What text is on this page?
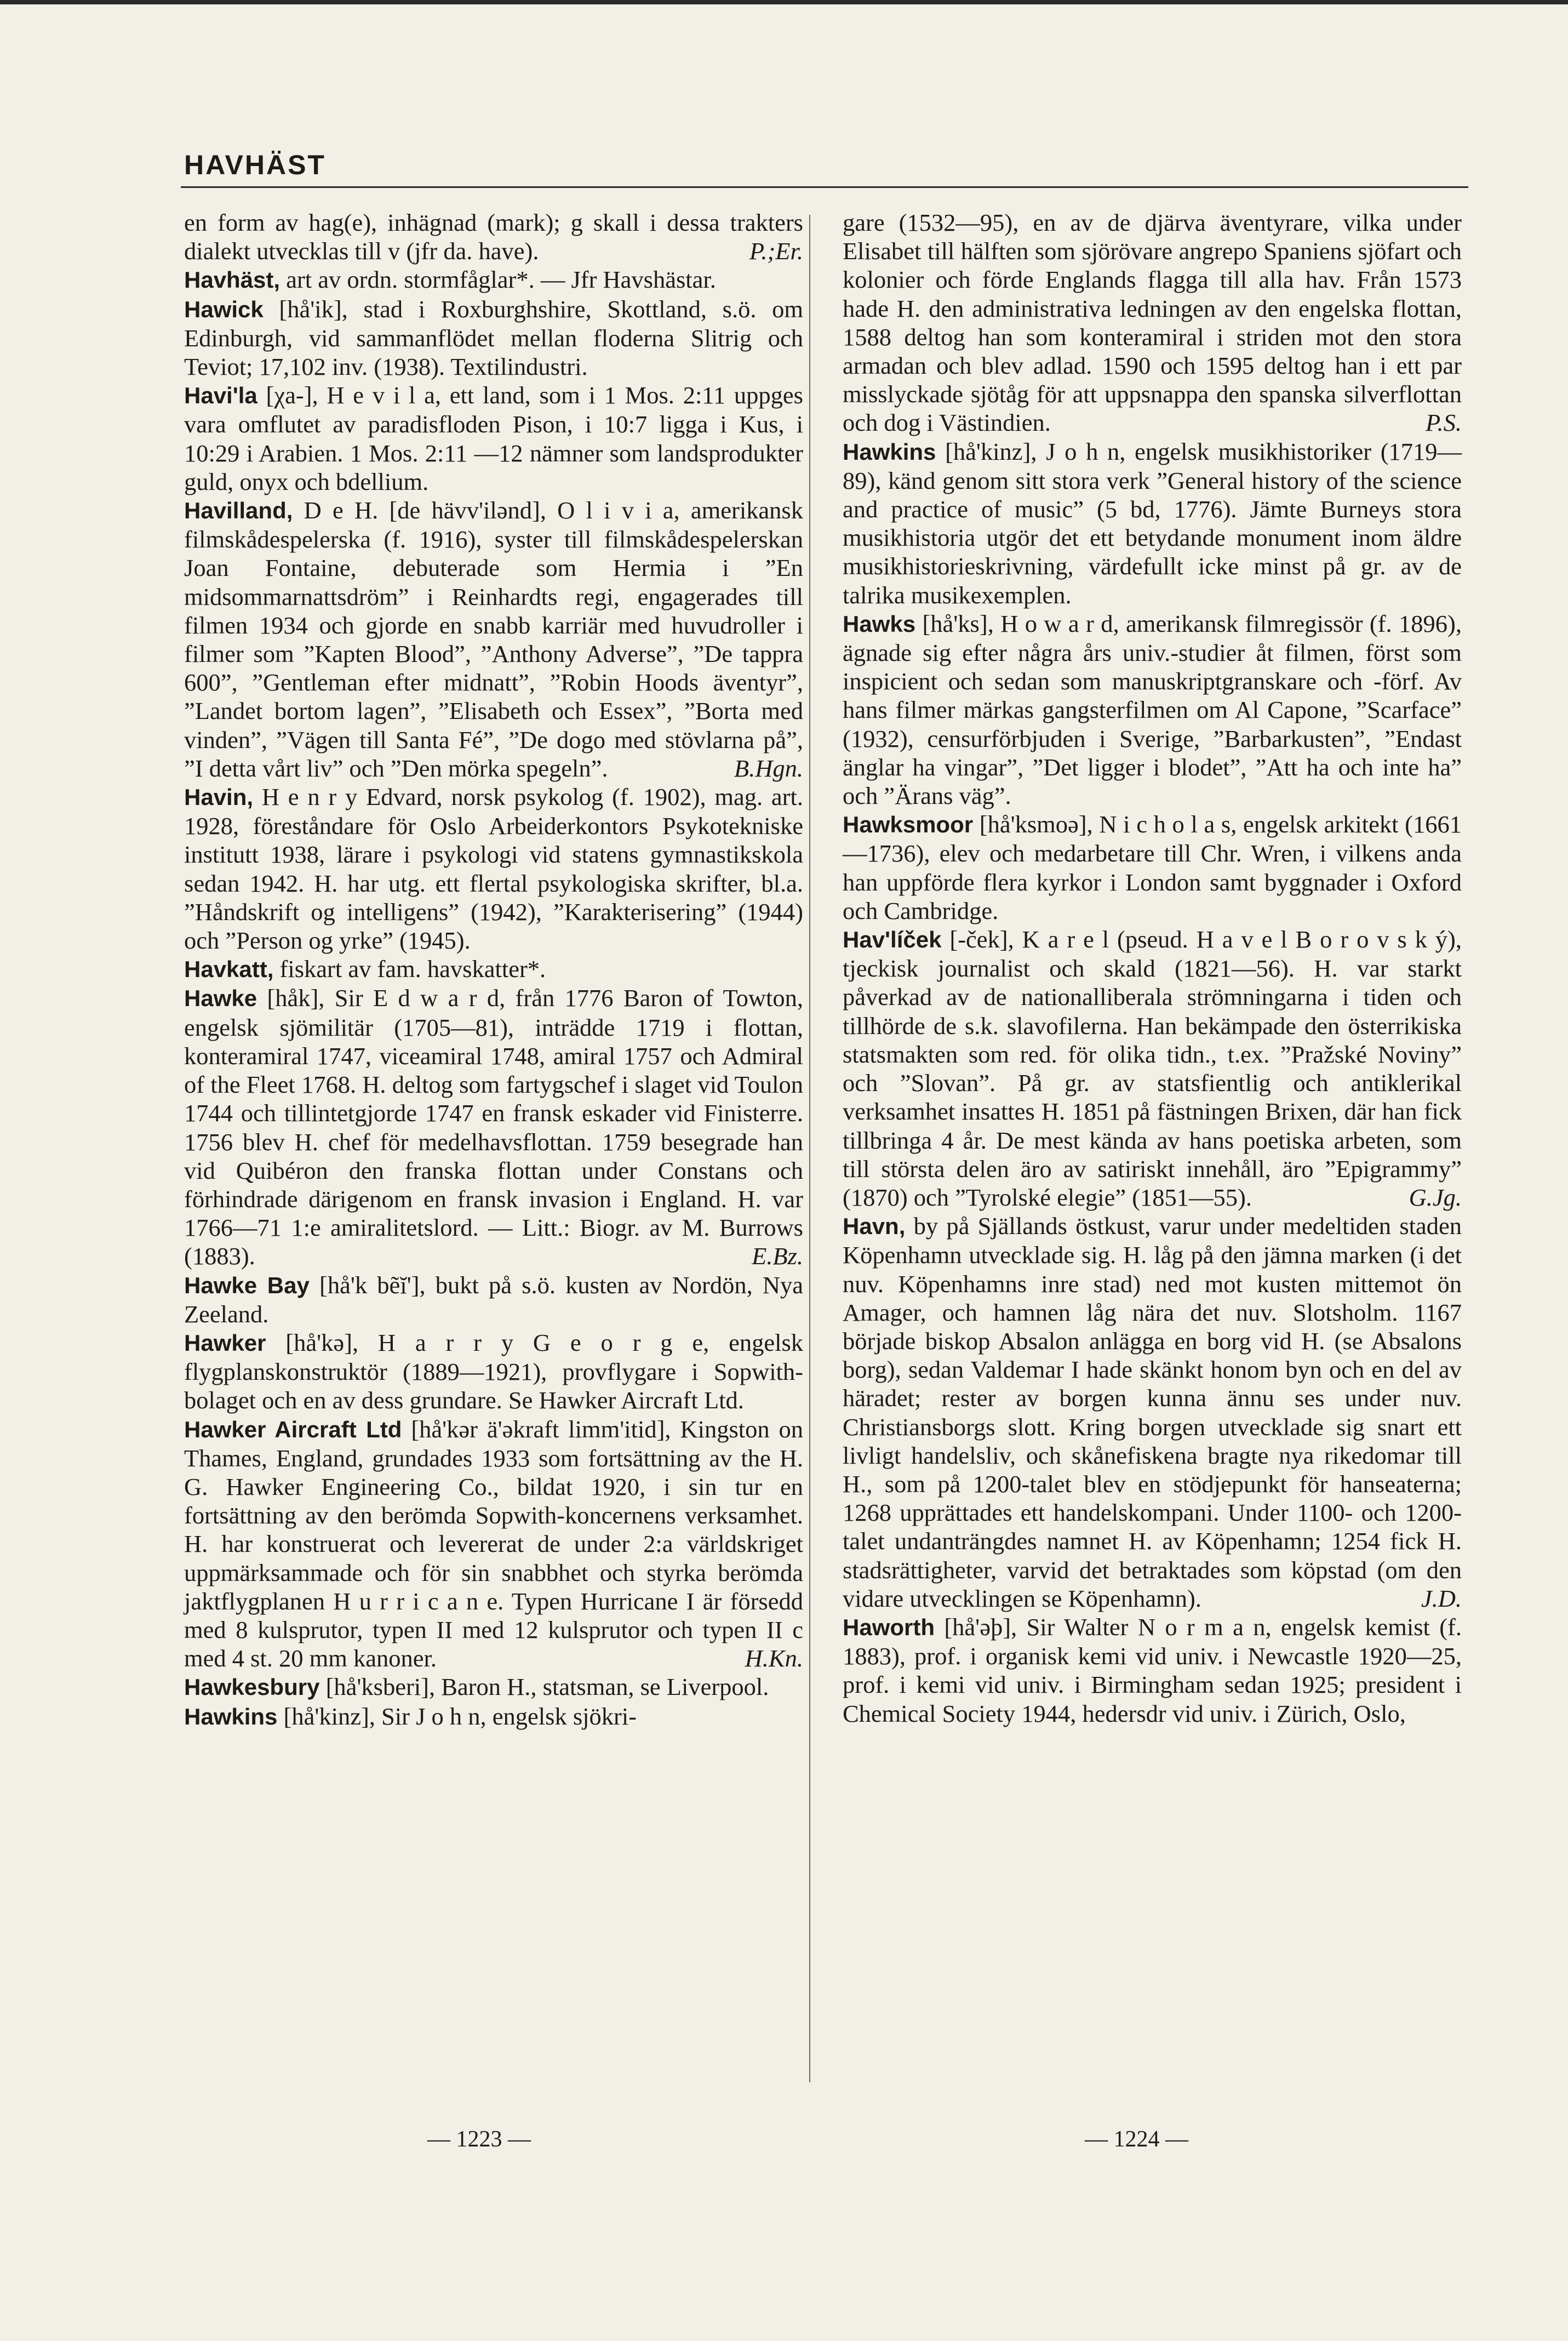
HAVHÄST

en form av hag(e), inhägnad (mark); g skall i dessa trakters dialekt utvecklas till v (jfr da. have).	P.;Er.

Havhäst, art av ordn. stormfåglar*. — Jfr Havshästar.

Hawick [hå'ik], stad i Roxburghshire, Skottland, s.ö. om Edinburgh, vid sammanflödet mellan floderna Slitrig och Teviot; 17,102 inv. (1938). Textilindustri.

Havi'la [χa-], H e v i l a, ett land, som i 1 Mos. 2:11 uppges vara omflutet av paradisfloden Pison, i 10:7 ligga i Kus, i 10:29 i Arabien. 1 Mos. 2:11 —12 nämner som landsprodukter guld, onyx och bdellium.

Havilland, D e H. [de hävv'ilənd], O l i v i a, amerikansk filmskådespelerska (f. 1916), syster till filmskådespelerskan Joan Fontaine, debuterade som Hermia i ”En midsommarnattsdröm” i Reinhardts regi, engagerades till filmen 1934 och gjorde en snabb karriär med huvudroller i filmer som ”Kapten Blood”, ”Anthony Adverse”, ”De tappra 600”, ”Gentleman efter midnatt”, ”Robin Hoods äventyr”, ”Landet bortom lagen”, ”Elisabeth och Essex”, ”Borta med vinden”, ”Vägen till Santa Fé”, ”De dogo med stövlarna på”, ”I detta vårt liv” och ”Den mörka spegeln”.	B.Hgn.

Havin, H e n r y Edvard, norsk psykolog (f. 1902), mag. art. 1928, föreståndare för Oslo Arbeiderkontors Psykotekniske institutt 1938, lärare i psykologi vid statens gymnastikskola sedan 1942. H. har utg. ett flertal psykologiska skrifter, bl.a. ”Håndskrift og intelligens” (1942), ”Karakterisering” (1944) och ”Person og yrke” (1945).

Havkatt, fiskart av fam. havskatter*.

Hawke [håk], Sir E d w a r d, från 1776 Baron of Towton, engelsk sjömilitär (1705—81), inträdde 1719 i flottan, konteramiral 1747, viceamiral 1748, amiral 1757 och Admiral of the Fleet 1768. H. deltog som fartygschef i slaget vid Toulon 1744 och tillintetgjorde 1747 en fransk eskader vid Finisterre. 1756 blev H. chef för medelhavsflottan. 1759 besegrade han vid Quibéron den franska flottan under Constans och förhindrade därigenom en fransk invasion i England. H. var 1766—71 1:e amiralitetslord. — Litt.: Biogr. av M. Burrows (1883).	E.Bz.

Hawke Bay [hå'k bẽĭ'], bukt på s.ö. kusten av Nordön, Nya Zeeland.

Hawker [hå'kə], H a r r y G e o r g e, engelsk flygplanskonstruktör (1889—1921), provflygare i Sopwith-bolaget och en av dess grundare. Se Hawker Aircraft Ltd.

Hawker Aircraft Ltd [hå'kər ä'əkraft limm'itid], Kingston on Thames, England, grundades 1933 som fortsättning av the H. G. Hawker Engineering Co., bildat 1920, i sin tur en fortsättning av den berömda Sopwith-koncernens verksamhet. H. har konstruerat och levererat de under 2:a världskriget uppmärksammade och för sin snabbhet och styrka berömda jaktflygplanen H u r r i c a n e. Typen Hurricane I är försedd med 8 kulsprutor, typen II med 12 kulsprutor och typen II c med 4 st. 20 mm kanoner.	H.Kn.

Hawkesbury [hå'ksberi], Baron H., statsman, se Liverpool.

Hawkins [hå'kinz], Sir J o h n, engelsk sjökri-

gare (1532—95), en av de djärva äventyrare, vilka under Elisabet till hälften som sjörövare angrepo Spaniens sjöfart och kolonier och förde Englands flagga till alla hav. Från 1573 hade H. den administrativa ledningen av den engelska flottan, 1588 deltog han som konteramiral i striden mot den stora armadan och blev adlad. 1590 och 1595 deltog han i ett par misslyckade sjötåg för att uppsnappa den spanska silverflottan och dog i Västindien.	P.S.

Hawkins [hå'kinz], J o h n, engelsk musikhistoriker (1719—89), känd genom sitt stora verk ”General history of the science and practice of music” (5 bd, 1776). Jämte Burneys stora musikhistoria utgör det ett betydande monument inom äldre musikhistorieskrivning, värdefullt icke minst på gr. av de talrika musikexemplen.

Hawks [hå'ks], H o w a r d, amerikansk filmregissör (f. 1896), ägnade sig efter några års univ.-studier åt filmen, först som inspicient och sedan som manuskriptgranskare och -förf. Av hans filmer märkas gangsterfilmen om Al Capone, ”Scarface” (1932), censurförbjuden i Sverige, ”Barbarkusten”, ”Endast änglar ha vingar”, ”Det ligger i blodet”, ”Att ha och inte ha” och ”Ärans väg”.

Hawksmoor [hå'ksmoə], N i c h o l a s, engelsk arkitekt (1661—1736), elev och medarbetare till Chr. Wren, i vilkens anda han uppförde flera kyrkor i London samt byggnader i Oxford och Cambridge.

Hav'líček [-ček], K a r e l (pseud. H a v e l B o r o v s k ý), tjeckisk journalist och skald (1821—56). H. var starkt påverkad av de nationalliberala strömningarna i tiden och tillhörde de s.k. slavofilerna. Han bekämpade den österrikiska statsmakten som red. för olika tidn., t.ex. ”Pražské Noviny” och ”Slovan”. På gr. av statsfientlig och antiklerikal verksamhet insattes H. 1851 på fästningen Brixen, där han fick tillbringa 4 år. De mest kända av hans poetiska arbeten, som till största delen äro av satiriskt innehåll, äro ”Epigrammy” (1870) och ”Tyrolské elegie” (1851—55).	G.Jg.

Havn, by på Själlands östkust, varur under medeltiden staden Köpenhamn utvecklade sig. H. låg på den jämna marken (i det nuv. Köpenhamns inre stad) ned mot kusten mittemot ön Amager, och hamnen låg nära det nuv. Slotsholm. 1167 började biskop Absalon anlägga en borg vid H. (se Absalons borg), sedan Valdemar I hade skänkt honom byn och en del av häradet; rester av borgen kunna ännu ses under nuv. Christiansborgs slott. Kring borgen utvecklade sig snart ett livligt handelsliv, och skånefiskena bragte nya rikedomar till H., som på 1200-talet blev en stödjepunkt för hanseaterna; 1268 upprättades ett handelskompani. Under 1100- och 1200-talet undanträngdes namnet H. av Köpenhamn; 1254 fick H. stadsrättigheter, varvid det betraktades som köpstad (om den vidare utvecklingen se Köpenhamn).	J.D.

Haworth [hå'əþ], Sir Walter N o r m a n, engelsk kemist (f. 1883), prof. i organisk kemi vid univ. i Newcastle 1920—25, prof. i kemi vid univ. i Birmingham sedan 1925; president i Chemical Society 1944, hedersdr vid univ. i Zürich, Oslo,

— 1223 —	— 1224 —
